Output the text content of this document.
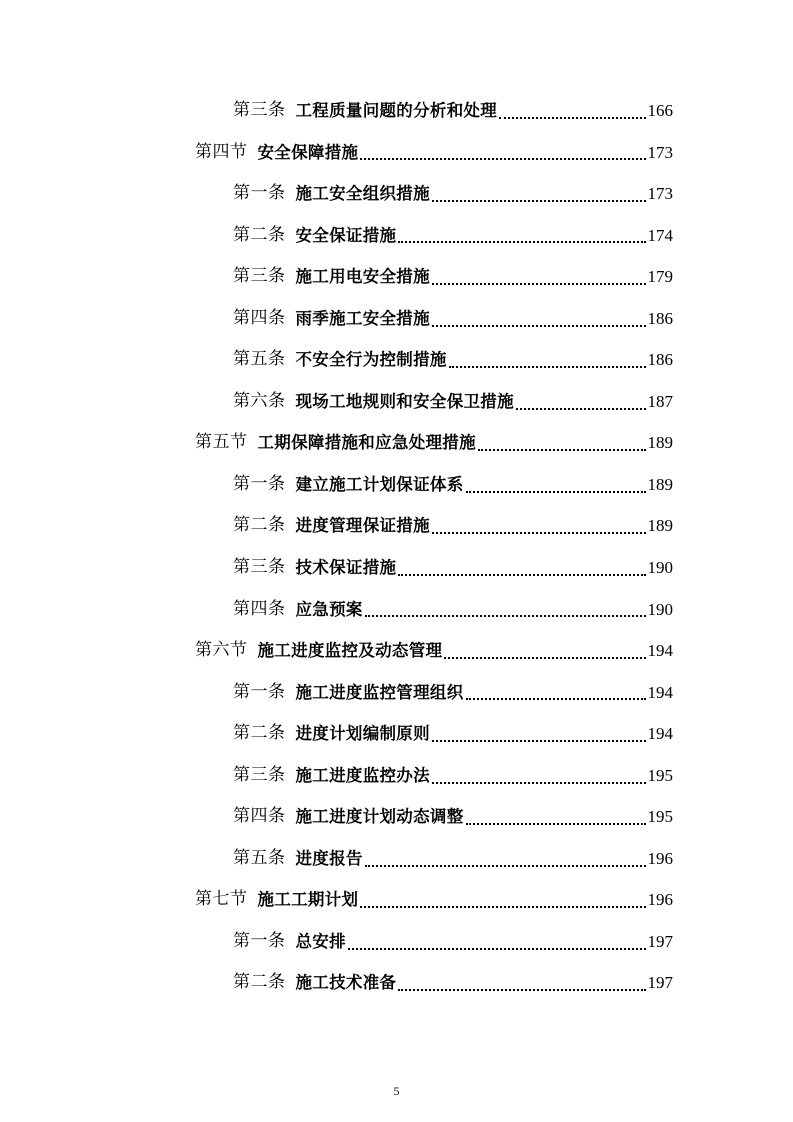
第三条 工程质量问题的分析和处理	166
第四节 安全保障措施	173
第一条 施工安全组织措施	173
第二条 安全保证措施	174
第三条 施工用电安全措施	179
第四条 雨季施工安全措施	186
第五条 不安全行为控制措施	186
第六条 现场工地规则和安全保卫措施	187
第五节 工期保障措施和应急处理措施	189
第一条 建立施工计划保证体系	189
第二条 进度管理保证措施	189
第三条 技术保证措施	190
第四条 应急预案	190
第六节 施工进度监控及动态管理	194
第一条 施工进度监控管理组织	194
第二条 进度计划编制原则	194
第三条 施工进度监控办法	195
第四条 施工进度计划动态调整	195
第五条 进度报告	196
第七节 施工工期计划	196
第一条 总安排	197
第二条 施工技术准备	197
5
